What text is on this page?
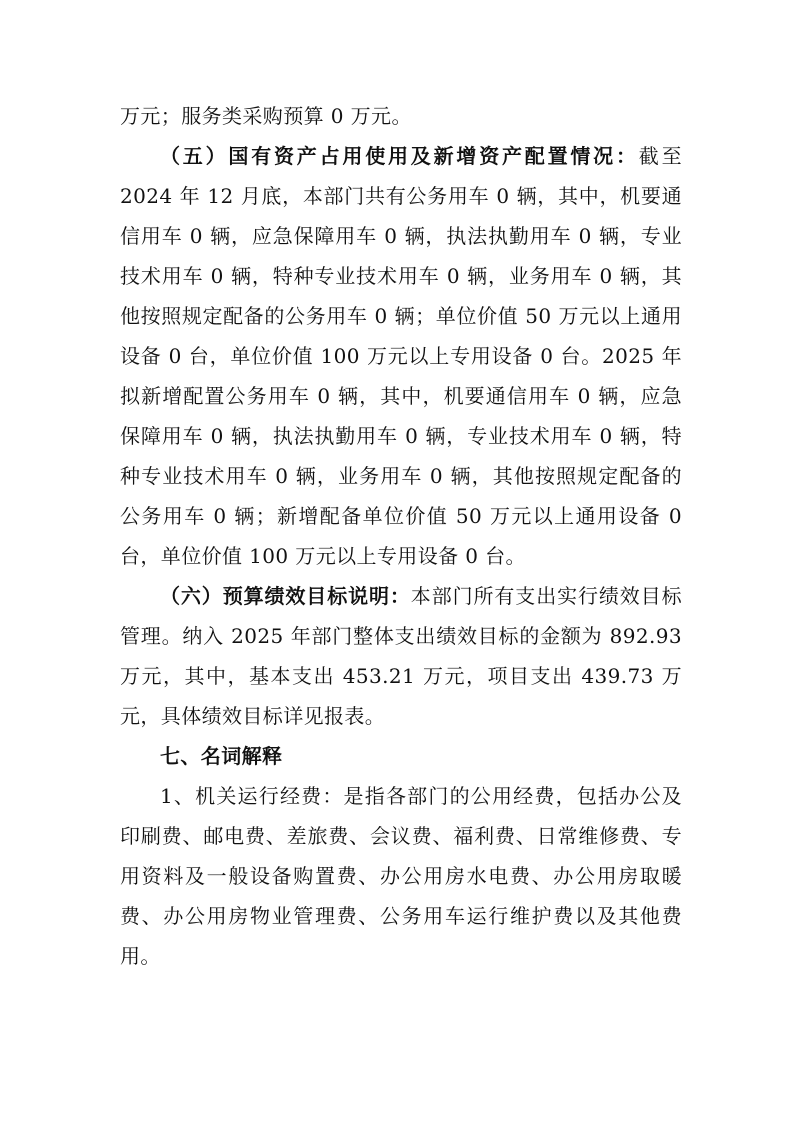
万元；服务类采购预算 0 万元。

（五）国有资产占用使用及新增资产配置情况：截至 2024 年 12 月底，本部门共有公务用车 0 辆，其中，机要通信用车 0 辆，应急保障用车 0 辆，执法执勤用车 0 辆，专业技术用车 0 辆，特种专业技术用车 0 辆，业务用车 0 辆，其他按照规定配备的公务用车 0 辆；单位价值 50 万元以上通用设备 0 台，单位价值 100 万元以上专用设备 0 台。2025 年拟新增配置公务用车 0 辆，其中，机要通信用车 0 辆，应急保障用车 0 辆，执法执勤用车 0 辆，专业技术用车 0 辆，特种专业技术用车 0 辆，业务用车 0 辆，其他按照规定配备的公务用车 0 辆；新增配备单位价值 50 万元以上通用设备 0 台，单位价值 100 万元以上专用设备 0 台。

（六）预算绩效目标说明：本部门所有支出实行绩效目标管理。纳入 2025 年部门整体支出绩效目标的金额为 892.93 万元，其中，基本支出 453.21 万元，项目支出 439.73 万元，具体绩效目标详见报表。

七、名词解释

1、机关运行经费：是指各部门的公用经费，包括办公及印刷费、邮电费、差旅费、会议费、福利费、日常维修费、专用资料及一般设备购置费、办公用房水电费、办公用房取暖费、办公用房物业管理费、公务用车运行维护费以及其他费用。
